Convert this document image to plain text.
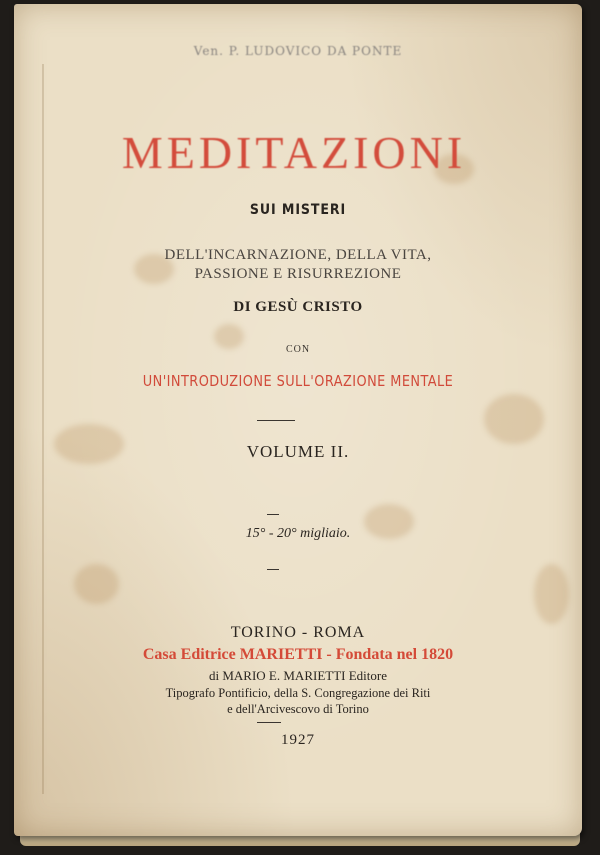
Ven. P. LUDOVICO DA PONTE
MEDITAZIONI
SUI MISTERI
DELL'INCARNAZIONE, DELLA VITA,
PASSIONE E RISURREZIONE
DI GESÙ CRISTO
CON
UN'INTRODUZIONE SULL'ORAZIONE MENTALE
VOLUME II.
15° - 20° migliaio.
TORINO - ROMA
Casa Editrice MARIETTI - Fondata nel 1820
di MARIO E. MARIETTI Editore
Tipografo Pontificio, della S. Congregazione dei Riti
e dell'Arcivescovo di Torino
1927
